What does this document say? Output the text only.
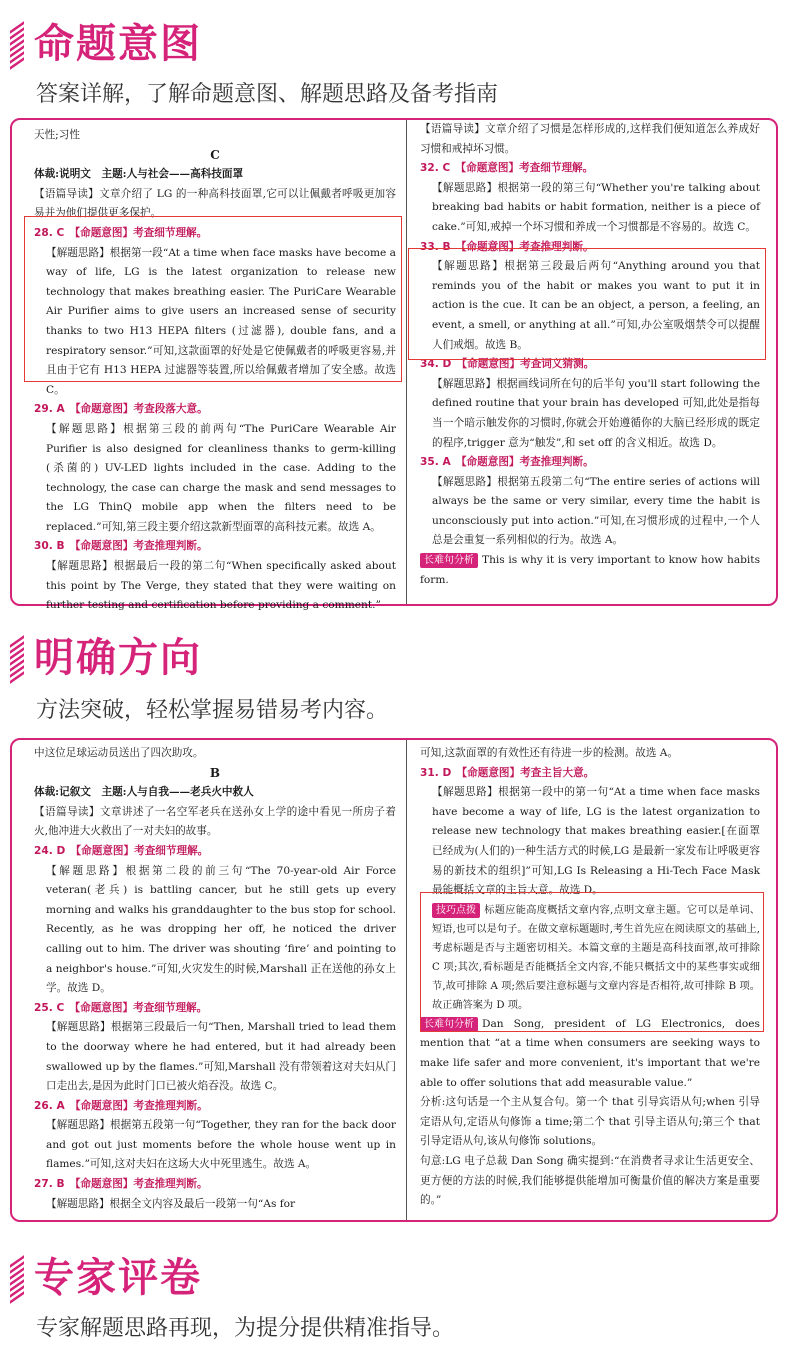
命题意图
答案详解，了解命题意图、解题思路及备考指南

天性;习性

C

体裁:说明文　主题:人与社会——高科技面罩

【语篇导读】文章介绍了 LG 的一种高科技面罩,它可以让佩戴者呼吸更加容易并为他们提供更多保护。

28. C　【命题意图】考查细节理解。

【解题思路】根据第一段“At a time when face masks have become a way of life, LG is the latest organization to release new technology that makes breathing easier. The PuriCare Wearable Air Purifier aims to give users an increased sense of security thanks to two H13 HEPA filters (过滤器), double fans, and a respiratory sensor.”可知,这款面罩的好处是它使佩戴者的呼吸更容易,并且由于它有 H13 HEPA 过滤器等装置,所以给佩戴者增加了安全感。故选 C。

29. A　【命题意图】考查段落大意。

【解题思路】根据第三段的前两句“The PuriCare Wearable Air Purifier is also designed for cleanliness thanks to germ-killing (杀菌的) UV-LED lights included in the case. Adding to the technology, the case can charge the mask and send messages to the LG ThinQ mobile app when the filters need to be replaced.”可知,第三段主要介绍这款新型面罩的高科技元素。故选 A。

30. B　【命题意图】考查推理判断。

【解题思路】根据最后一段的第二句“When specifically asked about this point by The Verge, they stated that they were waiting on further testing and certification before providing a comment.”

【语篇导读】文章介绍了习惯是怎样形成的,这样我们便知道怎么养成好习惯和戒掉坏习惯。

32. C　【命题意图】考查细节理解。

【解题思路】根据第一段的第三句“Whether you're talking about breaking bad habits or habit formation, neither is a piece of cake.”可知,戒掉一个坏习惯和养成一个习惯都是不容易的。故选 C。

33. B　【命题意图】考查推理判断。

【解题思路】根据第三段最后两句“Anything around you that reminds you of the habit or makes you want to put it in action is the cue. It can be an object, a person, a feeling, an event, a smell, or anything at all.”可知,办公室吸烟禁令可以提醒人们戒烟。故选 B。

34. D　【命题意图】考查词义猜测。

【解题思路】根据画线词所在句的后半句 you'll start following the defined routine that your brain has developed 可知,此处是指每当一个暗示触发你的习惯时,你就会开始遵循你的大脑已经形成的既定的程序,trigger 意为“触发”,和 set off 的含义相近。故选 D。

35. A　【命题意图】考查推理判断。

【解题思路】根据第五段第二句“The entire series of actions will always be the same or very similar, every time the habit is unconsciously put into action.”可知,在习惯形成的过程中,一个人总是会重复一系列相似的行为。故选 A。

长难句分析 This is why it is very important to know how habits form.

明确方向
方法突破，轻松掌握易错易考内容。

中这位足球运动员送出了四次助攻。

B

体裁:记叙文　主题:人与自我——老兵火中救人

【语篇导读】文章讲述了一名空军老兵在送孙女上学的途中看见一所房子着火,他冲进大火救出了一对夫妇的故事。

24. D　【命题意图】考查细节理解。

【解题思路】根据第二段的前三句“The 70-year-old Air Force veteran(老兵) is battling cancer, but he still gets up every morning and walks his granddaughter to the bus stop for school. Recently, as he was dropping her off, he noticed the driver calling out to him. The driver was shouting ‘fire’ and pointing to a neighbor's house.”可知,火灾发生的时候,Marshall 正在送他的孙女上学。故选 D。

25. C　【命题意图】考查细节理解。

【解题思路】根据第三段最后一句“Then, Marshall tried to lead them to the doorway where he had entered, but it had already been swallowed up by the flames.”可知,Marshall 没有带领着这对夫妇从门口走出去,是因为此时门口已被火焰吞没。故选 C。

26. A　【命题意图】考查推理判断。

【解题思路】根据第五段第一句“Together, they ran for the back door and got out just moments before the whole house went up in flames.”可知,这对夫妇在这场大火中死里逃生。故选 A。

27. B　【命题意图】考查推理判断。

【解题思路】根据全文内容及最后一段第一句“As for

可知,这款面罩的有效性还有待进一步的检测。故选 A。

31. D　【命题意图】考查主旨大意。

【解题思路】根据第一段中的第一句“At a time when face masks have become a way of life, LG is the latest organization to release new technology that makes breathing easier.[在面罩已经成为(人们的)一种生活方式的时候,LG 是最新一家发布让呼吸更容易的新技术的组织]”可知,LG Is Releasing a Hi-Tech Face Mask 最能概括文章的主旨大意。故选 D。

技巧点拨 标题应能高度概括文章内容,点明文章主题。它可以是单词、短语,也可以是句子。在做文章标题题时,考生首先应在阅读原文的基础上,考虑标题是否与主题密切相关。本篇文章的主题是高科技面罩,故可排除 C 项;其次,看标题是否能概括全文内容,不能只概括文中的某些事实或细节,故可排除 A 项;然后要注意标题与文章内容是否相符,故可排除 B 项。故正确答案为 D 项。

长难句分析 Dan Song, president of LG Electronics, does mention that “at a time when consumers are seeking ways to make life safer and more convenient, it's important that we're able to offer solutions that add measurable value.”

分析:这句话是一个主从复合句。第一个 that 引导宾语从句;when 引导定语从句,定语从句修饰 a time;第二个 that 引导主语从句;第三个 that 引导定语从句,该从句修饰 solutions。

句意:LG 电子总裁 Dan Song 确实提到:“在消费者寻求让生活更安全、更方便的方法的时候,我们能够提供能增加可衡量价值的解决方案是重要的。”

专家评卷
专家解题思路再现，为提分提供精准指导。
